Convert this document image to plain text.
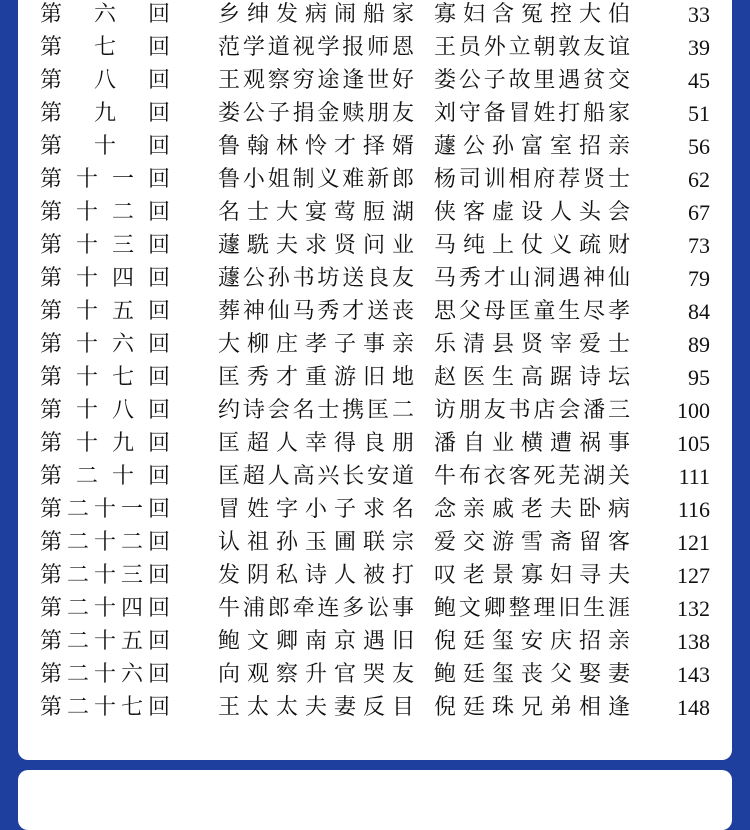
第六回 乡绅发病闹船家 寡妇含冤控大伯	33
第七回 范学道视学报师恩 王员外立朝敦友谊	39
第八回 王观察穷途逢世好 娄公子故里遇贫交	45
第九回 娄公子捐金赎朋友 刘守备冒姓打船家	51
第十回 鲁翰林怜才择婿 蘧公孙富室招亲	56
第十一回 鲁小姐制义难新郎 杨司训相府荐贤士	62
第十二回 名士大宴莺脰湖 侠客虚设人头会	67
第十三回 蘧駪夫求贤问业 马纯上仗义疏财	73
第十四回 蘧公孙书坊送良友 马秀才山洞遇神仙	79
第十五回 葬神仙马秀才送丧 思父母匡童生尽孝	84
第十六回 大柳庄孝子事亲 乐清县贤宰爱士	89
第十七回 匡秀才重游旧地 赵医生高踞诗坛	95
第十八回 约诗会名士携匡二 访朋友书店会潘三	100
第十九回 匡超人幸得良朋 潘自业横遭祸事	105
第二十回 匡超人高兴长安道 牛布衣客死芜湖关	111
第二十一回 冒姓字小子求名 念亲戚老夫卧病	116
第二十二回 认祖孙玉圃联宗 爱交游雪斋留客	121
第二十三回 发阴私诗人被打 叹老景寡妇寻夫	127
第二十四回 牛浦郎牵连多讼事 鲍文卿整理旧生涯	132
第二十五回 鲍文卿南京遇旧 倪廷玺安庆招亲	138
第二十六回 向观察升官哭友 鲍廷玺丧父娶妻	143
第二十七回 王太太夫妻反目 倪廷珠兄弟相逢	148
